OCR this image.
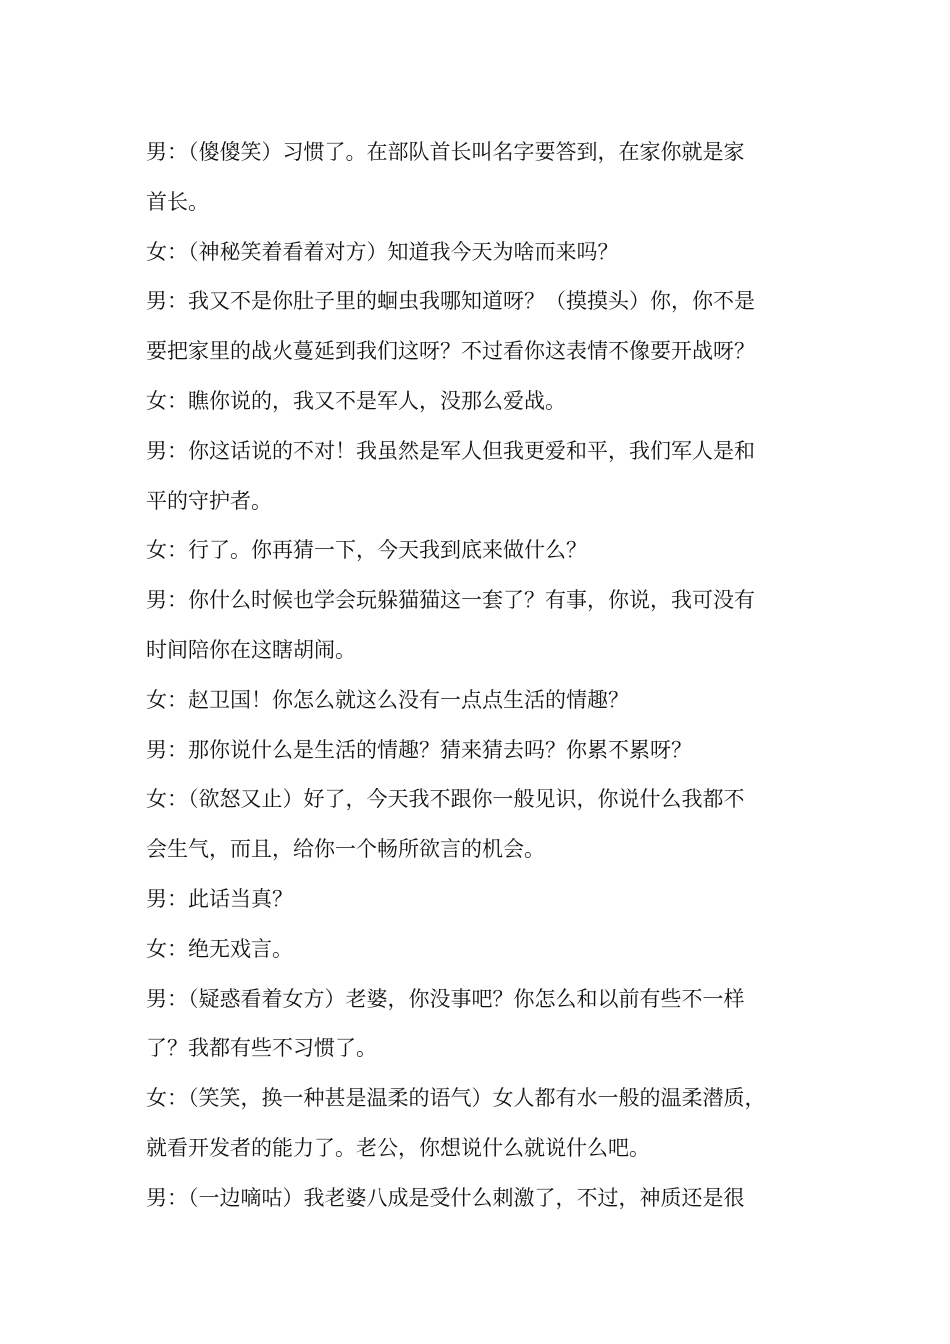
男：（傻傻笑）习惯了。在部队首长叫名字要答到，在家你就是家
首长。
女：（神秘笑着看着对方）知道我今天为啥而来吗？
男：我又不是你肚子里的蛔虫我哪知道呀？（摸摸头）你，你不是
要把家里的战火蔓延到我们这呀？不过看你这表情不像要开战呀？
女：瞧你说的，我又不是军人，没那么爱战。
男：你这话说的不对！我虽然是军人但我更爱和平，我们军人是和
平的守护者。
女：行了。你再猜一下，今天我到底来做什么？
男：你什么时候也学会玩躲猫猫这一套了？有事，你说，我可没有
时间陪你在这瞎胡闹。
女：赵卫国！你怎么就这么没有一点点生活的情趣？
男：那你说什么是生活的情趣？猜来猜去吗？你累不累呀？
女：（欲怒又止）好了，今天我不跟你一般见识，你说什么我都不
会生气，而且，给你一个畅所欲言的机会。
男：此话当真？
女：绝无戏言。
男：（疑惑看着女方）老婆，你没事吧？你怎么和以前有些不一样
了？我都有些不习惯了。
女：（笑笑，换一种甚是温柔的语气）女人都有水一般的温柔潜质，
就看开发者的能力了。老公，你想说什么就说什么吧。
男：（一边嘀咕）我老婆八成是受什么刺激了，不过，神质还是很
